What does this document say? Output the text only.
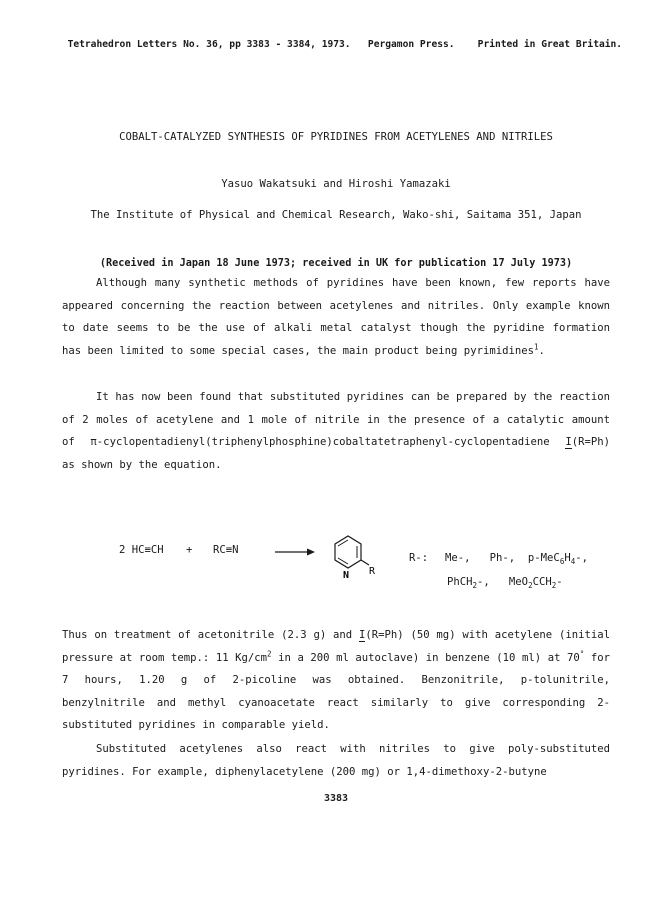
Tetrahedron Letters No. 36, pp 3383 - 3384, 1973. Pergamon Press. Printed in Great Britain.

COBALT-CATALYZED SYNTHESIS OF PYRIDINES FROM ACETYLENES AND NITRILES
Yasuo Wakatsuki and Hiroshi Yamazaki
The Institute of Physical and Chemical Research, Wako-shi, Saitama 351, Japan
(Received in Japan 18 June 1973; received in UK for publication 17 July 1973)
Although many synthetic methods of pyridines have been known, few reports have appeared concerning the reaction between acetylenes and nitriles. Only example known to date seems to be the use of alkali metal catalyst though the pyridine formation has been limited to some special cases, the main product being pyrimidines$^1$.
It has now been found that substituted pyridines can be prepared by the reaction of 2 moles of acetylene and 1 mole of nitrile in the presence of a catalytic amount of π-cyclopentadienyl(triphenylphosphine)cobaltatetraphenyl-cyclopentadiene I(R=Ph) as shown by the equation.
2 HC≡CH + RC≡N
N R
R-: Me-,   Ph-,  $p-MeC_6H_4-$,
PhCH$_2$-,   $MeO_2CCH_2-$
Thus on treatment of acetonitrile (2.3 g) and I(R=Ph) (50 mg) with acetylene (initial pressure at room temp.: 11 $Kg/cm^2$ in a 200 ml autoclave) in benzene (10 ml) at 70° for 7 hours, 1.20 g of 2-picoline was obtained. Benzonitrile, p-tolunitrile, benzylnitrile and methyl cyanoacetate react similarly to give corresponding 2-substituted pyridines in comparable yield.
Substituted acetylenes also react with nitriles to give poly-substituted pyridines. For example, diphenylacetylene (200 mg) or 1,4-dimethoxy-2-butyne
3383
